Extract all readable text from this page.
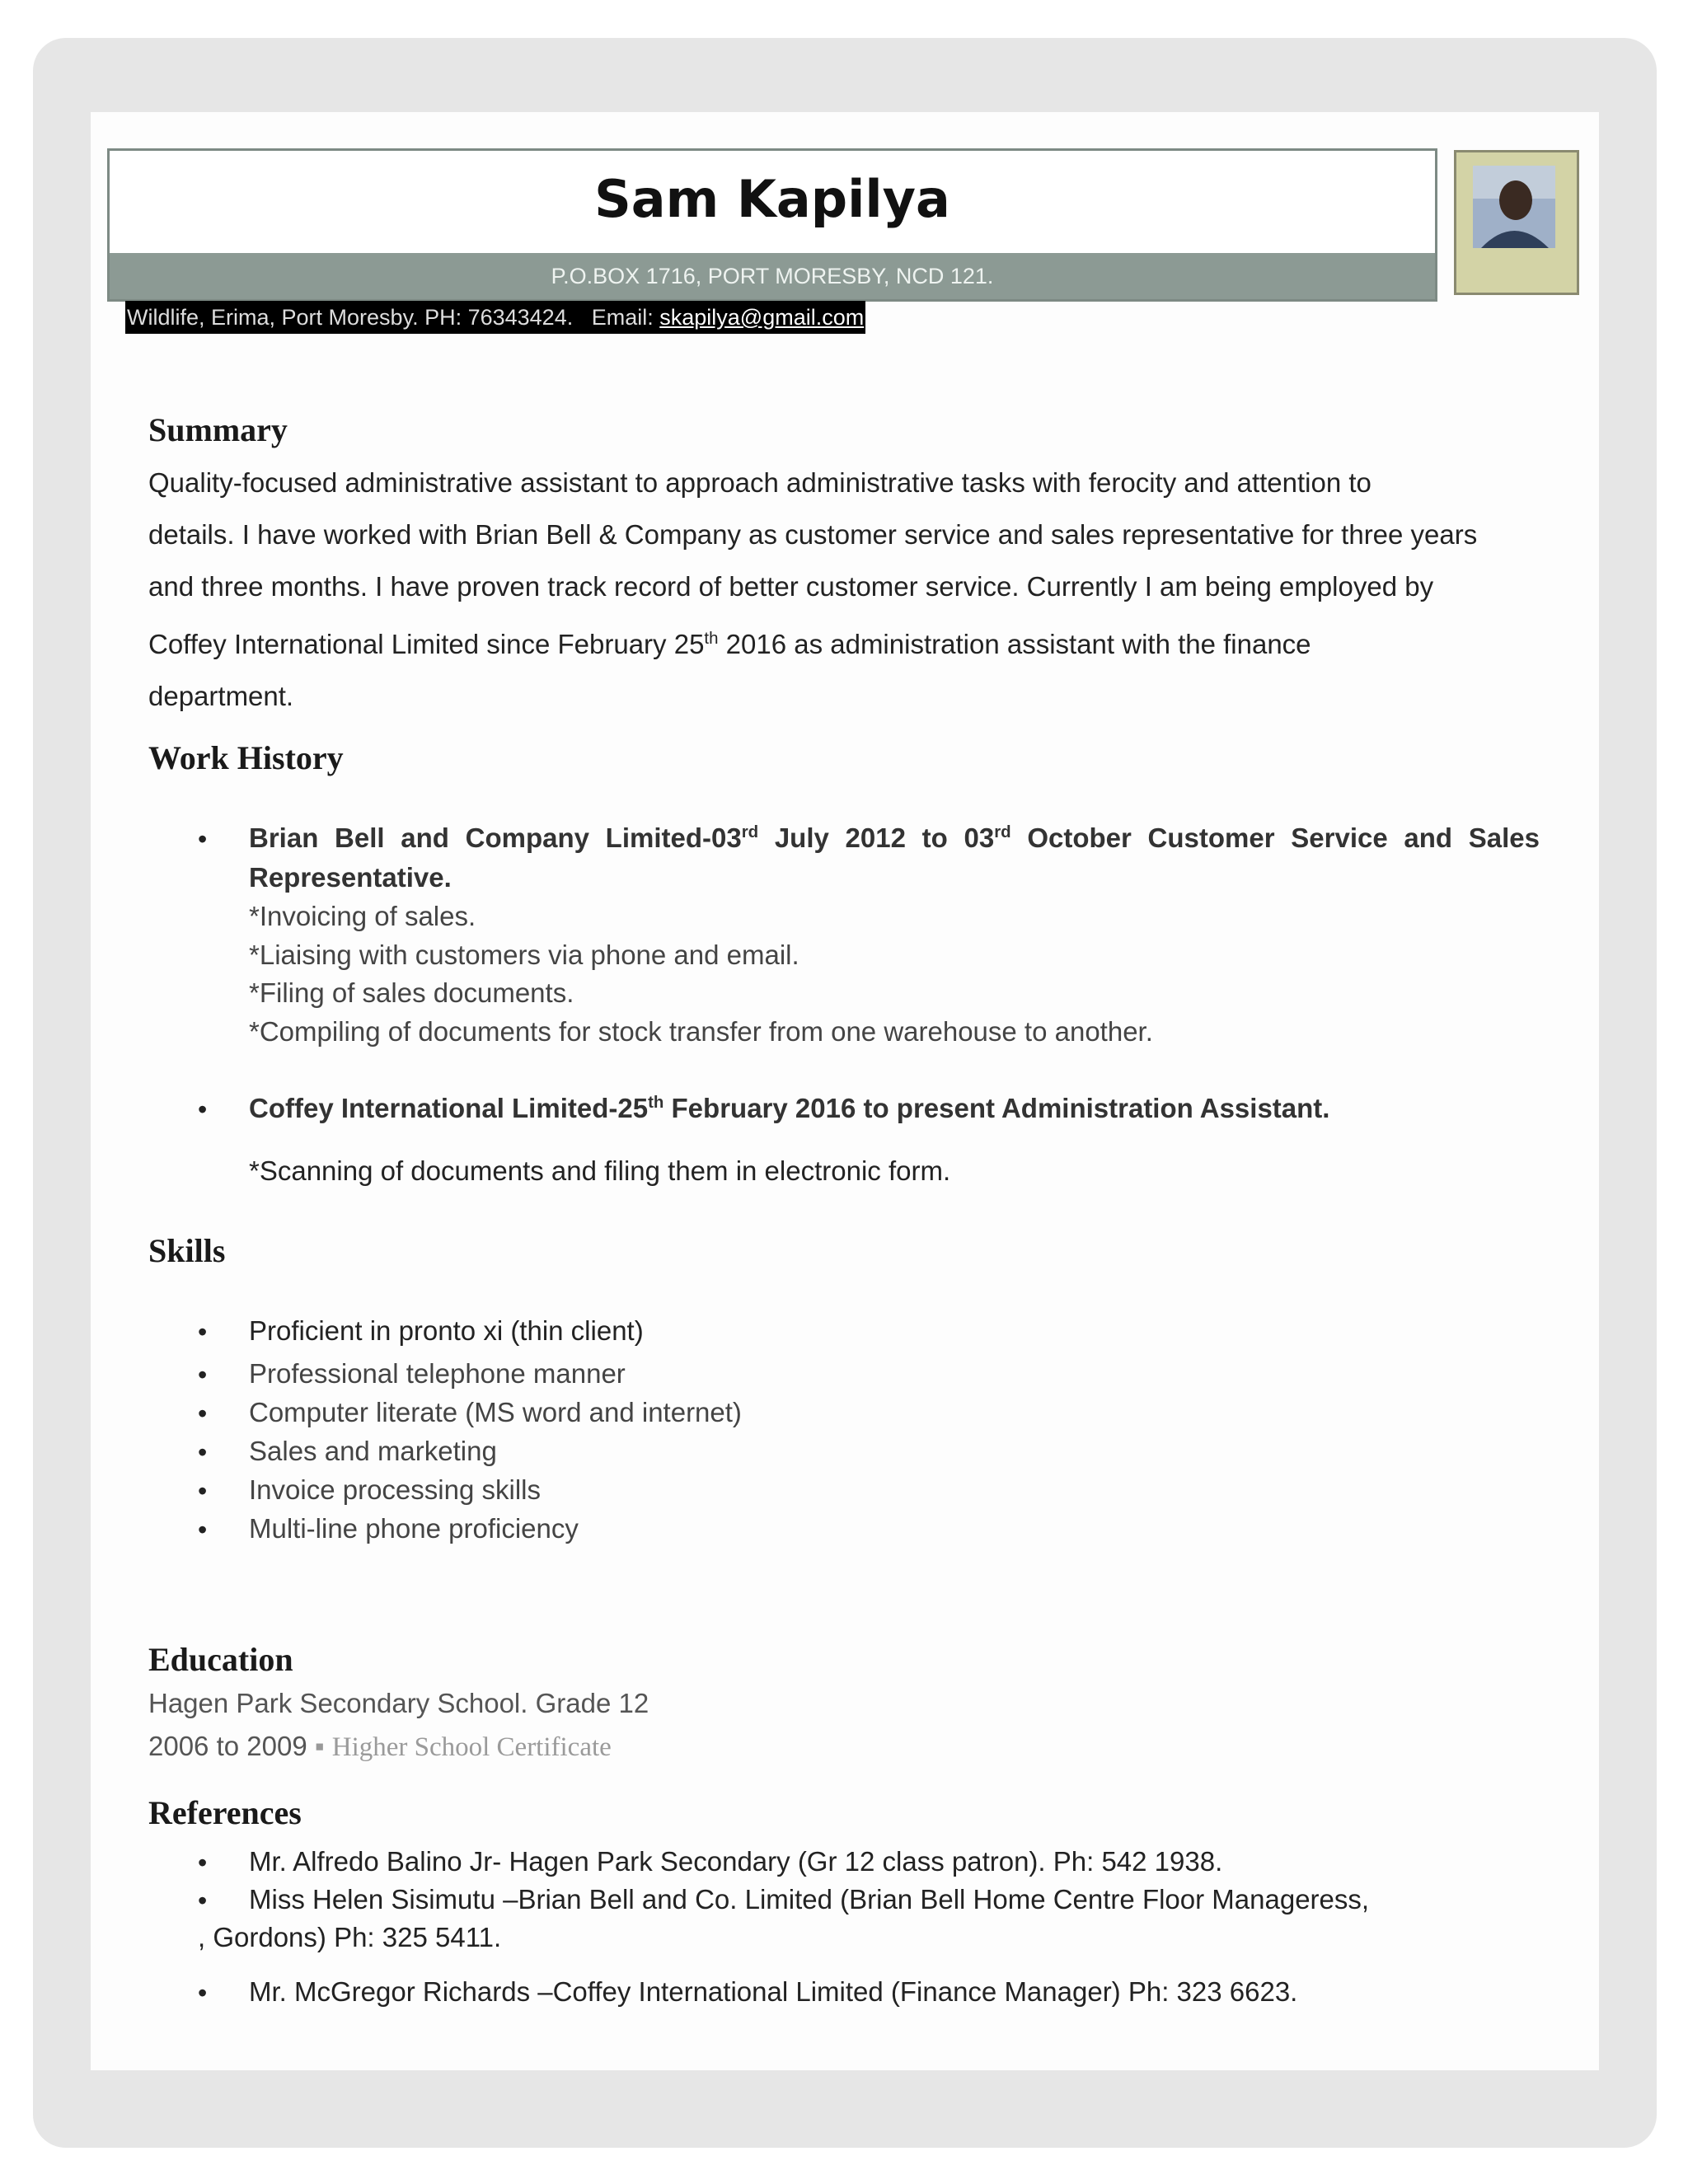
Sam Kapilya
P.O.BOX 1716, PORT MORESBY, NCD 121.
Wildlife, Erima, Port Moresby. PH: 76343424.   Email: skapilya@gmail.com
Summary
Quality-focused administrative assistant to approach administrative tasks with ferocity and attention to
details. I have worked with Brian Bell & Company as customer service and sales representative for three years
and three months. I have proven track record of better customer service. Currently I am being employed by
Coffey International Limited since February 25th 2016 as administration assistant with the finance
department.
Work History
• Brian Bell and Company Limited-03rd July 2012 to 03rd October Customer Service and Sales
Representative.
*Invoicing of sales.
*Liaising with customers via phone and email.
*Filing of sales documents.
*Compiling of documents for stock transfer from one warehouse to another.
• Coffey International Limited-25th February 2016 to present Administration Assistant.
*Scanning of documents and filing them in electronic form.
Skills
• Proficient in pronto xi (thin client)
• Professional telephone manner
• Computer literate (MS word and internet)
• Sales and marketing
• Invoice processing skills
• Multi-line phone proficiency
Education
Hagen Park Secondary School. Grade 12
2006 to 2009 ▪ Higher School Certificate
References
• Mr. Alfredo Balino Jr- Hagen Park Secondary (Gr 12 class patron). Ph: 542 1938.
• Miss Helen Sisimutu –Brian Bell and Co. Limited (Brian Bell Home Centre Floor Manageress,
, Gordons) Ph: 325 5411.
• Mr. McGregor Richards –Coffey International Limited (Finance Manager) Ph: 323 6623.
